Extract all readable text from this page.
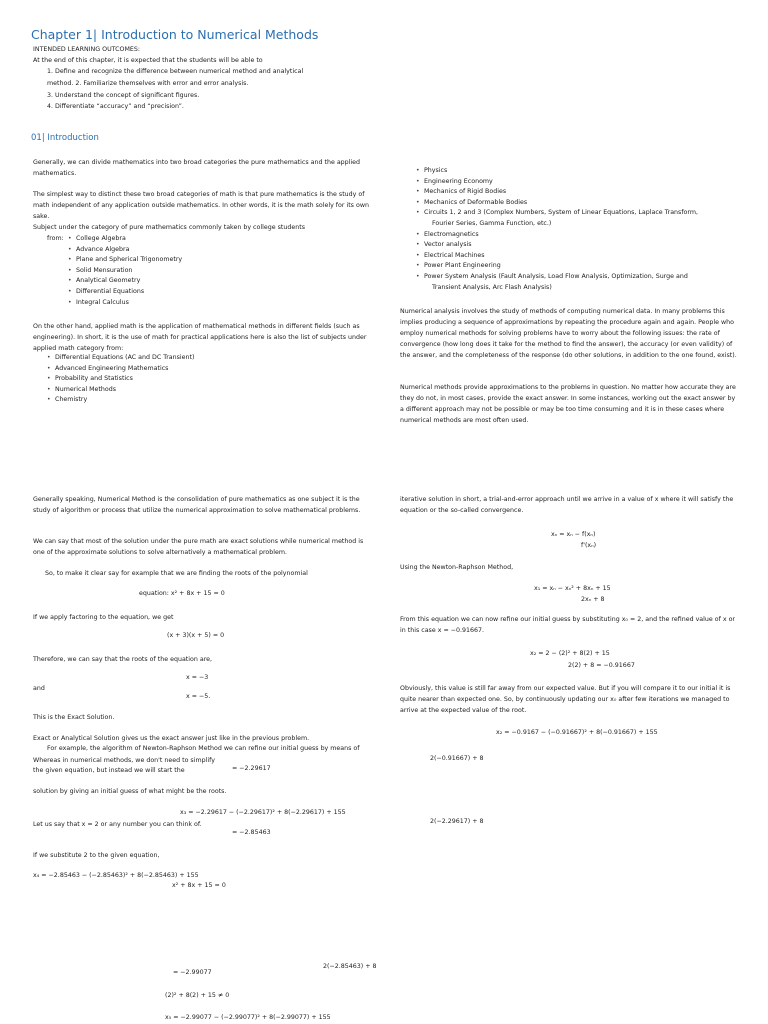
Chapter 1| Introduction to Numerical Methods
INTENDED LEARNING OUTCOMES:
At the end of this chapter, it is expected that the students will be able to
1. Define and recognize the difference between numerical method and analytical
method. 2. Familiarize themselves with error and error analysis.
3. Understand the concept of significant figures.
4. Differentiate “accuracy” and “precision”.
01| Introduction
Generally, we can divide mathematics into two broad categories the pure mathematics and the applied mathematics.
The simplest way to distinct these two broad categories of math is that pure mathematics is the study of math independent of any application outside mathematics. In other words, it is the math solely for its own sake.
Subject under the category of pure mathematics commonly taken by college students
from:
•	College Algebra
• Advance Algebra
• Plane and Spherical Trigonometry
• Solid Mensuration
• Analytical Geometry
• Differential Equations
• Integral Calculus
On the other hand, applied math is the application of mathematical methods in different fields (such as engineering). In short, it is the use of math for practical applications here is also the list of subjects under applied math category from:
• Differential Equations (AC and DC Transient)
• Advanced Engineering Mathematics
• Probability and Statistics
• Numerical Methods
• Chemistry
• Physics
• Engineering Economy
• Mechanics of Rigid Bodies
• Mechanics of Deformable Bodies
• Circuits 1, 2 and 3 (Complex Numbers, System of Linear Equations, Laplace Transform,
Fourier Series, Gamma Function, etc.)
• Electromagnetics
• Vector analysis
• Electrical Machines
• Power Plant Engineering
• Power System Analysis (Fault Analysis, Load Flow Analysis, Optimization, Surge and
Transient Analysis, Arc Flash Analysis)
Numerical analysis involves the study of methods of computing numerical data. In many problems this implies producing a sequence of approximations by repeating the procedure again and again. People who employ numerical methods for solving problems have to worry about the following issues: the rate of convergence (how long does it take for the method to find the answer), the accuracy (or even validity) of the answer, and the completeness of the response (do other solutions, in addition to the one found, exist).
Numerical methods provide approximations to the problems in question. No matter how accurate they are they do not, in most cases, provide the exact answer. In some instances, working out the exact answer by a different approach may not be possible or may be too time consuming and it is in these cases where numerical methods are most often used.
Generally speaking, Numerical Method is the consolidation of pure mathematics as one subject it is the study of algorithm or process that utilize the numerical approximation to solve mathematical problems.
We can say that most of the solution under the pure math are exact solutions while numerical method is one of the approximate solutions to solve alternatively a mathematical problem.
So, to make it clear say for example that we are finding the roots of the polynomial
equation: x² + 8x + 15 = 0
If we apply factoring to the equation, we get
(x + 3)(x + 5) = 0
Therefore, we can say that the roots of the equation are,
x = −3
and
x = −5.
This is the Exact Solution.
Exact or Analytical Solution gives us the exact answer just like in the previous problem.
For example, the algorithm of Newton-Raphson Method we can refine our initial guess by means of
Whereas in numerical methods, we don't need to simplify
the given equation, but instead we will start the	= −2.29617
solution by giving an initial guess of what might be the roots.
x₃ = −2.29617 − (−2.29617)² + 8(−2.29617) + 155
Let us say that x = 2 or any number you can think of.
= −2.85463
If we substitute 2 to the given equation,
x₄ = −2.85463 − (−2.85463)² + 8(−2.85463) + 155
x² + 8x + 15 = 0
2(−2.85463) + 8
= −2.99077
(2)² + 8(2) + 15 ≠ 0
x₅ = −2.99077 − (−2.99077)² + 8(−2.99077) + 155
iterative solution in short, a trial-and-error approach until we arrive in a value of x where it will satisfy the equation or the so-called convergence.
xₙ = xₙ − f(xₙ)
f'(xₙ)
Using the Newton-Raphson Method,
x₁ = xₙ − xₙ² + 8xₙ + 15
2xₙ + 8
From this equation we can now refine our initial guess by substituting x₀ = 2, and the refined value of x or in this case x = −0.91667.
x₂ = 2 − (2)² + 8(2) + 15
2(2) + 8 = −0.91667
Obviously, this value is still far away from our expected value. But if you will compare it to our initial it is quite nearer than expected one. So, by continuously updating our x₀ after few iterations we managed to arrive at the expected value of the root.
x₂ = −0.9167 − (−0.91667)² + 8(−0.91667) + 155
2(−0.91667) + 8
2(−2.29617) + 8
